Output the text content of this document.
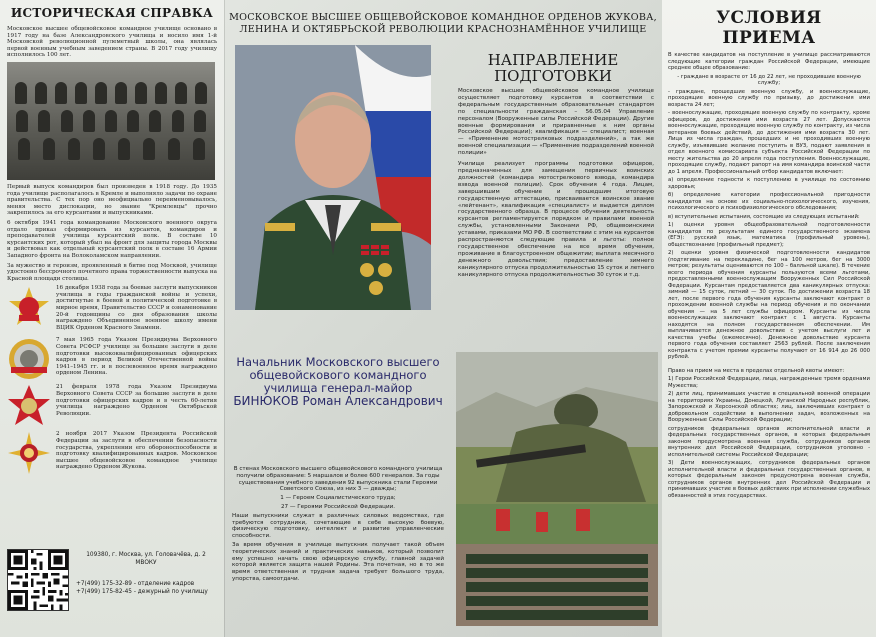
ИСТОРИЧЕСКАЯ СПРАВКА

Московское высшее общевойсковое командное училище основано в 1917 году на базе Александровского училища и носило имя 1-й Московской революционной пулеметный школы, она являлась первой военным учебным заведением страны. В 2017 году училищу исполнилось 100 лет.

Первый выпуск командиров был произведен в 1918 году. До 1935 года училище располагалось в Кремле и выполняло задачи по охране правительства. С тех пор оно неофициально переименовывалось, меняя место дислокации, но звание "Кремлевцы" прочно закрепилось за его курсантами и выпускниками.

6 октября 1941 года командование Московского военного округа отдало приказ сформировать из курсантов, командиров и преподавателей училища курсантский полк. В составе 10 курсантских рот, который убыл на фронт для защиты города Москвы и действовал как отдельный курсантский полк в составе 16 Армии Западного фронта на Волоколамском направлении.

За мужество и героизм, проявленный в битве под Москвой, училище удостоено бессрочного почетного права торжественности выпуска на Красной площади столицы.

16 декабря 1938 года за боевые заслуги выпускников училища в годы гражданской войны и успехи, достигнутые в боевой и политической подготовке в мирное время, Правительство СССР и ознаменование 20-й годовщины со дня образования школы награждено Объединенное военное школу имени ВЦИК Орденом Красного Знамени.

7 мая 1965 года Указом Президиума Верховного Совета РСФСР училище за большие заслуги в деле подготовки высококвалифицированных офицерских кадров в период Великой Отечественной войны 1941–1945 гг. и в послевоенное время награждено орденом Ленина.

21 февраля 1978 года Указом Президиума Верховного Совета СССР за большие заслуги в деле подготовки офицерских кадров и в честь 60-летия училища награждено Орденом Октябрьской Революции.

2 ноября 2017 Указом Президента Российской Федерации за заслуги в обеспечении безопасности государства, укреплении его обороноспособности и подготовку квалифицированных кадров. Московское высшее общевойсковое командное училище награждено Орденом Жукова.

109380, г. Москва, ул. Головачёва, д. 2 МВОКУ
+7(499) 175-32-89 - отделение кадров
+7(499) 175-82-45 - дежурный по училищу
МОСКОВСКОЕ ВЫСШЕЕ ОБЩЕВОЙСКОВОЕ КОМАНДНОЕ ОРДЕНОВ ЖУКОВА, ЛЕНИНА И ОКТЯБРЬСКОЙ РЕВОЛЮЦИИ КРАСНОЗНАМЁННОЕ УЧИЛИЩЕ
Начальник Московского высшего общевойскового командного училища генерал-майор
БИНЮКОВ Роман Александрович

В стенах Московского высшего общевойскового командного училища получили образование: 5 маршалов и более 600 генералов. За годы существования учебного заведения 92 выпускника стали Героями Советского Союза, из них 3 — дважды;

1 — Героем Социалистического труда;

27 — Героями Российской Федерации.

Наши выпускники служат в различных силовых ведомствах, где требуются сотрудники, сочетающие в себе высокую боевую, физическую подготовку, интеллект и развитие управленческие способности.

За время обучения в училище выпускник получает такой объем теоретических знаний и практических навыков, который позволит ему успешно начать свою офицерскую службу, главной задачей которой является защита нашей Родины. Эта почетная, но в то же время ответственная и трудная задача требует большого труда, упорства, самоотдачи.

НАПРАВЛЕНИЕ ПОДГОТОВКИ

Московское высшее общевойсковое командное училище осуществляет подготовку курсантов в соответствии с федеральным государственным образовательным стандартом по специальности гражданская – 56.05.04 Управление персоналом (Вооруженные силы Российской Федерации). Другие военные формирования и приравненные к ним органы Российской Федерации); квалификация — специалист; военная — «Применение мотострелковых подразделений», а так же военной специализации — «Применение подразделений военной полиции»

Училище реализует программы подготовки офицеров, предназначенных для замещения первичных воинских должностей (командира мотострелкового взвода, командира взвода военной полиции). Срок обучения 4 года. Лицам, завершившим обучение и прошедшим итоговую государственную аттестацию, присваивается воинское звание «лейтенант», квалификация «специалист» и выдается диплом государственного образца. В процессе обучения деятельность курсантов регламентируется порядком и правилами военной службы, установленными Законами РФ, общевоинскими уставами, приказами МО РФ. В соответствии с этим на курсантов распространяются следующие правила и льготы: полное государственное обеспечение на все время обучения, проживание в благоустроенном общежитии; выплата месячного денежного довольствия; предоставление зимнего каникулярного отпуска продолжительностью 15 суток и летнего каникулярного отпуска продолжительностью 30 суток и т.д.

УСЛОВИЯ ПРИЕМА

В качестве кандидатов на поступление в училище рассматриваются следующие категории граждан Российской Федерации, имеющие среднее общее образование:

- граждане в возрасте от 16 до 22 лет, не проходившие военную службу;

- граждане, прошедшие военную службу, и военнослужащие, проходящие военную службу по призыву, до достижения ими возраста 24 лет;

- военнослужащие, проходящие военную службу по контракту, кроме офицеров, до достижения ими возраста 27 лет. Допускаются военнослужащие, проходящие военную службу по контракту, из числа ветеранов боевых действий, до достижения ими возраста 30 лет. Лица из числа граждан, прошедших и не проходивших военную службу, изъявившие желание поступить в ВУЗ, подают заявления в отдел военного комиссариата субъекта Российской Федерации по месту жительства до 20 апреля года поступления. Военнослужащие, проходящие службу, подают рапорт на имя командира воинской части до 1 апреля. Профессиональный отбор кандидатов включает:

а) определение годности к поступлению в училище по состоянию здоровья;

б) определение категории профессиональной пригодности кандидатов на основе их социально-психологического, изучения, психологического и психофизиологического обследования;

в) вступительные испытания, состоящие из следующих испытаний:

1) оценки уровня общеобразовательной подготовленности кандидатов по результатам единого государственного экзамена (ЕГЭ): русский язык, математика (профильный уровень), обществознание (профильный предмет);

2) оценки уровня физической подготовленности кандидатов (подтягивание на перекладине, бег на 100 метров, бег на 3000 метров; результаты оцениваются по 100 – балльной шкале). В течение всего периода обучения курсанты пользуются всеми льготами, предоставленными военнослужащим Вооруженных Сил Российской Федерации. Курсантам предоставляется два каникулярных отпуска: зимний — 15 суток, летний — 30 суток. По достижении возраста 18 лет, после первого года обучения курсанты заключают контракт о прохождении военной службы на период обучения и по окончании обучения — на 5 лет службы офицером. Курсанты из числа военнослужащих заключают контракт с 1 августа. Курсанты находятся на полном государственном обеспечении. Им выплачивается денежное довольствие с учетом выслуги лет и качества учебы (ежемесячно). Денежное довольствие курсанта первого года обучения составляет 2563 рублей. После заключения контракта с учетом премии курсанты получают от 16 914 до 26 000 рублей.

Право на прием на места в пределах отдельной квоты имеют:

1) Герои Российской Федерации, лица, награжденные тремя орденами Мужества;

2) дети лиц, принимавших участие в специальной военной операции на территориях Украины, Донецкой, Луганской Народных республик, Запорожской и Херсонской областях; лиц, заключивших контракт о добровольном содействии в выполнении задач, возложенных на Вооруженные Силы Российской Федерации;

сотрудников федеральных органов исполнительной власти и федеральных государственных органов, в которых федеральным законом предусмотрена военная служба, сотрудников органов внутренних дел Российской Федерации, сотрудников уголовно - исполнительной системы Российской Федерации;

3) Дети военнослужащих, сотрудников федеральных органов исполнительной власти и федеральных государственных органов, в которых федеральным законом предусмотрена военная служба, сотрудников органов внутренних дел Российской Федерации и принимавших участие в боевых действиях при исполнении служебных обязанностей в этих государствах.
